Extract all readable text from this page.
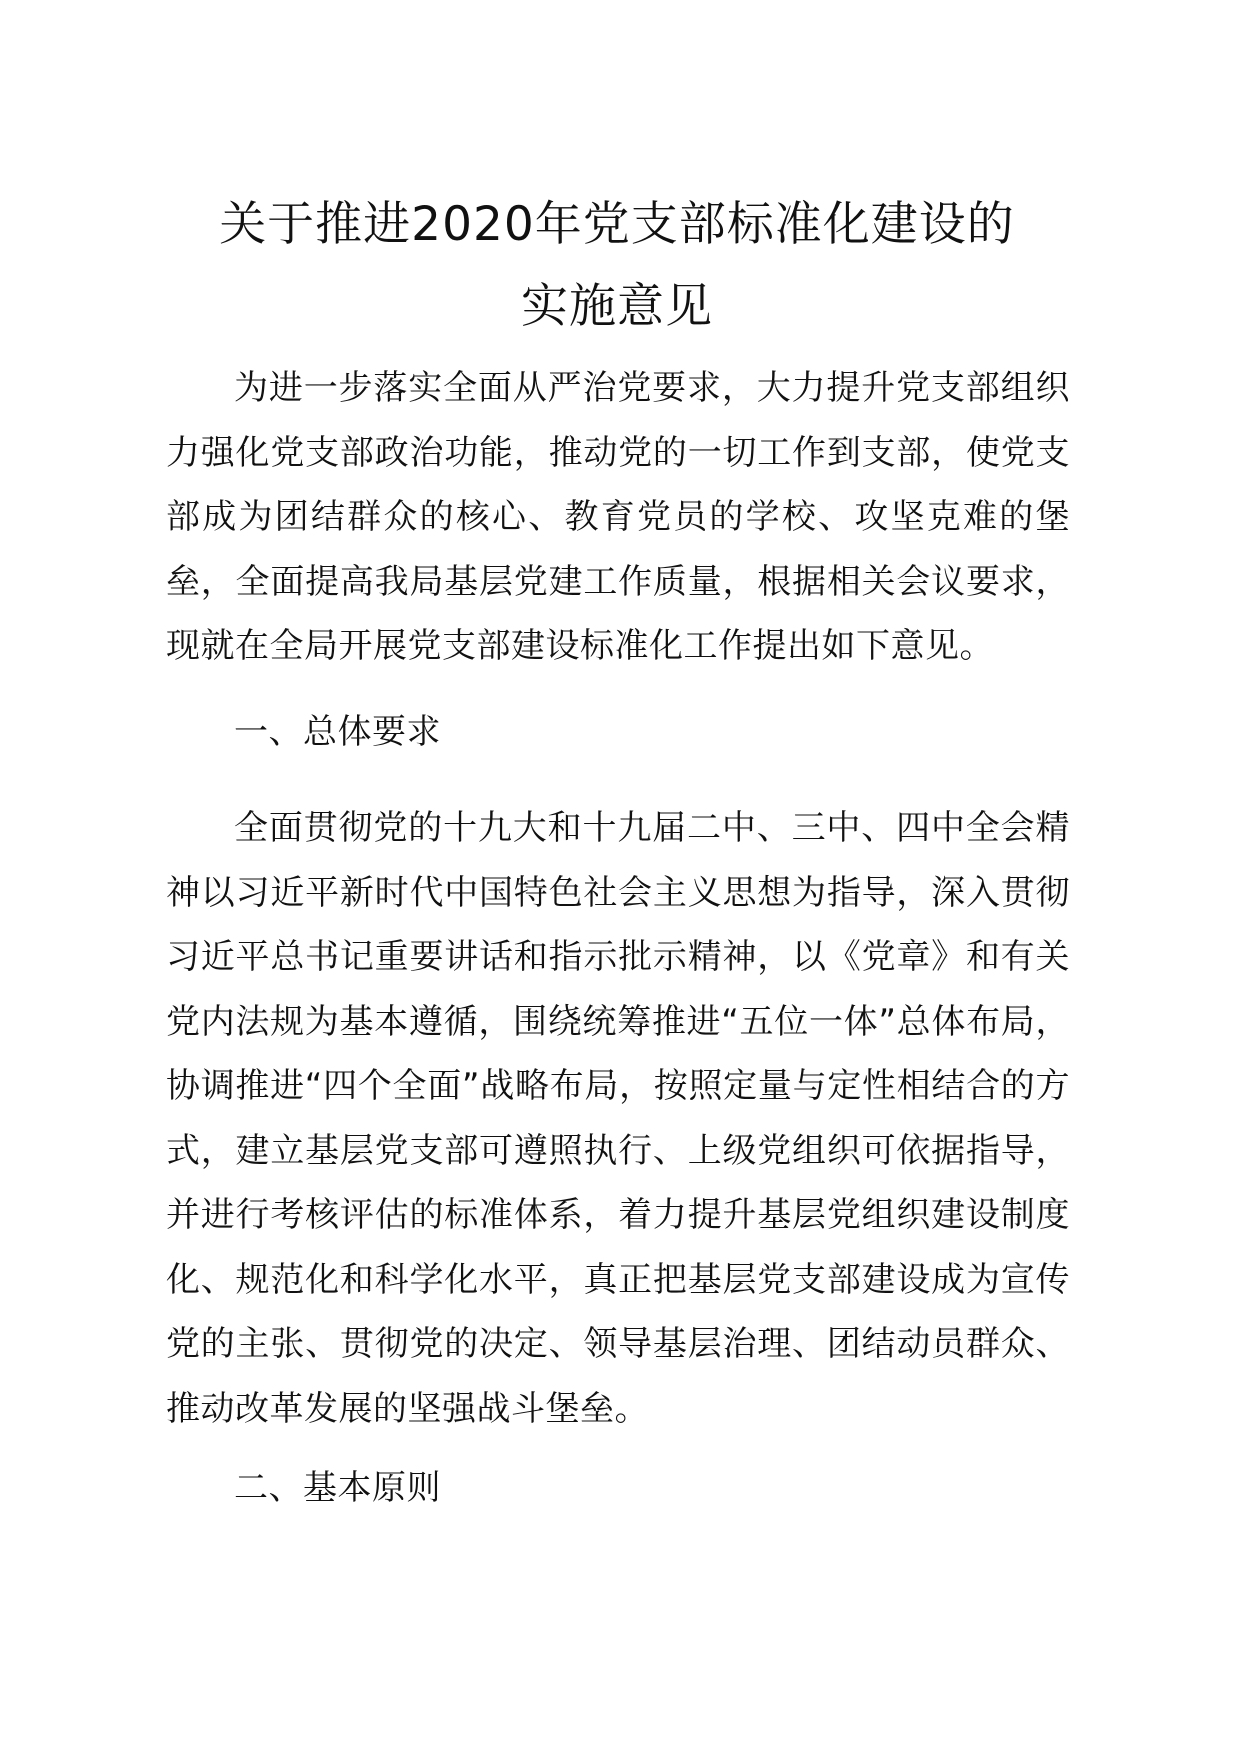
关于推进2020年党支部标准化建设的
实施意见

为进一步落实全面从严治党要求，大力提升党支部组织力强化党支部政治功能，推动党的一切工作到支部，使党支部成为团结群众的核心、教育党员的学校、攻坚克难的堡垒，全面提高我局基层党建工作质量，根据相关会议要求，现就在全局开展党支部建设标准化工作提出如下意见。

一、总体要求

全面贯彻党的十九大和十九届二中、三中、四中全会精神以习近平新时代中国特色社会主义思想为指导，深入贯彻习近平总书记重要讲话和指示批示精神，以《党章》和有关党内法规为基本遵循，围绕统筹推进“五位一体”总体布局，协调推进“四个全面”战略布局，按照定量与定性相结合的方式，建立基层党支部可遵照执行、上级党组织可依据指导，并进行考核评估的标准体系，着力提升基层党组织建设制度化、规范化和科学化水平，真正把基层党支部建设成为宣传党的主张、贯彻党的决定、领导基层治理、团结动员群众、推动改革发展的坚强战斗堡垒。

二、基本原则
